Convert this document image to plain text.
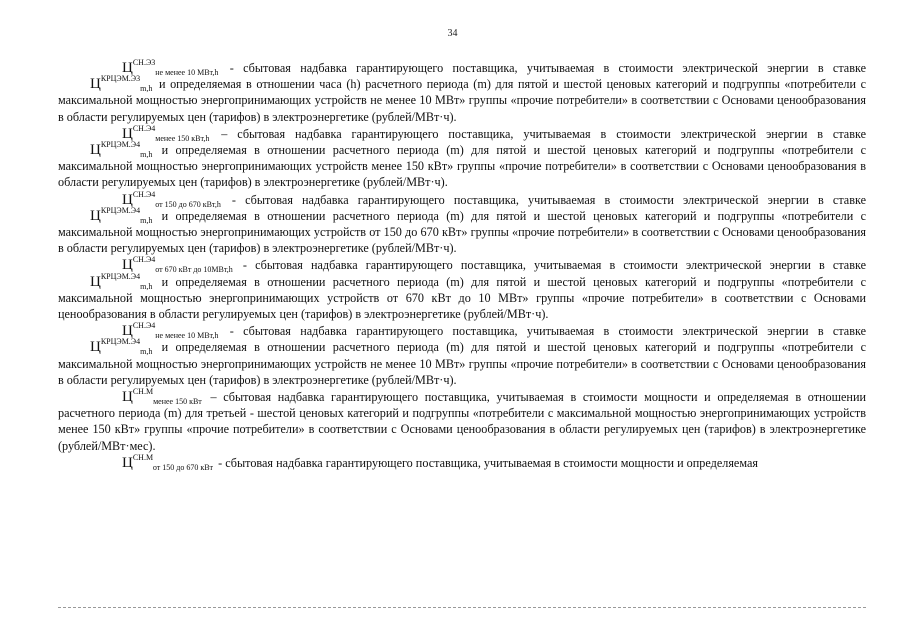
34

$Ц^{СН.Э3}_{не менее 10 МВт,h}$ - сбытовая надбавка гарантирующего поставщика, учитываемая в стоимости электрической энергии в ставке $Ц^{КРЦЭМ.Э3}_{m,h}$ и определяемая в отношении часа (h) расчетного периода (m) для пятой и шестой ценовых категорий и подгруппы «потребители с максимальной мощностью энергопринимающих устройств не менее 10 МВт» группы «прочие потребители» в соответствии с Основами ценообразования в области регулируемых цен (тарифов) в электроэнергетике (рублей/МВт·ч).

$Ц^{СН.Э4}_{менее 150 кВт,h}$ – сбытовая надбавка гарантирующего поставщика, учитываемая в стоимости электрической энергии в ставке $Ц^{КРЦЭМ.Э4}_{m,h}$ и определяемая в отношении расчетного периода (m) для пятой и шестой ценовых категорий и подгруппы «потребители с максимальной мощностью энергопринимающих устройств менее 150 кВт» группы «прочие потребители» в соответствии с Основами ценообразования в области регулируемых цен (тарифов) в электроэнергетике (рублей/МВт·ч).

$Ц^{СН.Э4}_{от 150 до 670 кВт,h}$ - сбытовая надбавка гарантирующего поставщика, учитываемая в стоимости электрической энергии в ставке $Ц^{КРЦЭМ.Э4}_{m,h}$ и определяемая в отношении расчетного периода (m) для пятой и шестой ценовых категорий и подгруппы «потребители с максимальной мощностью энергопринимающих устройств от 150 до 670 кВт» группы «прочие потребители» в соответствии с Основами ценообразования в области регулируемых цен (тарифов) в электроэнергетике (рублей/МВт·ч).

$Ц^{СН.Э4}_{от 670 кВт до 10МВт,h}$ - сбытовая надбавка гарантирующего поставщика, учитываемая в стоимости электрической энергии в ставке $Ц^{КРЦЭМ.Э4}_{m,h}$ и определяемая в отношении расчетного периода (m) для пятой и шестой ценовых категорий и подгруппы «потребители с максимальной мощностью энергопринимающих устройств от 670 кВт до 10 МВт» группы «прочие потребители» в соответствии с Основами ценообразования в области регулируемых цен (тарифов) в электроэнергетике (рублей/МВт·ч).

$Ц^{СН.Э4}_{не менее 10 МВт,h}$ - сбытовая надбавка гарантирующего поставщика, учитываемая в стоимости электрической энергии в ставке $Ц^{КРЦЭМ.Э4}_{m,h}$ и определяемая в отношении расчетного периода (m) для пятой и шестой ценовых категорий и подгруппы «потребители с максимальной мощностью энергопринимающих устройств не менее 10 МВт» группы «прочие потребители» в соответствии с Основами ценообразования в области регулируемых цен (тарифов) в электроэнергетике (рублей/МВт·ч).

$Ц^{СН.М}_{менее 150 кВт}$ – сбытовая надбавка гарантирующего поставщика, учитываемая в стоимости мощности и определяемая в отношении расчетного периода (m) для третьей - шестой ценовых категорий и подгруппы «потребители с максимальной мощностью энергопринимающих устройств менее 150 кВт» группы «прочие потребители» в соответствии с Основами ценообразования в области регулируемых цен (тарифов) в электроэнергетике (рублей/МВт·мес).

$Ц^{СН.М}_{от 150 до 670 кВт}$ - сбытовая надбавка гарантирующего поставщика, учитываемая в стоимости мощности и определяемая
